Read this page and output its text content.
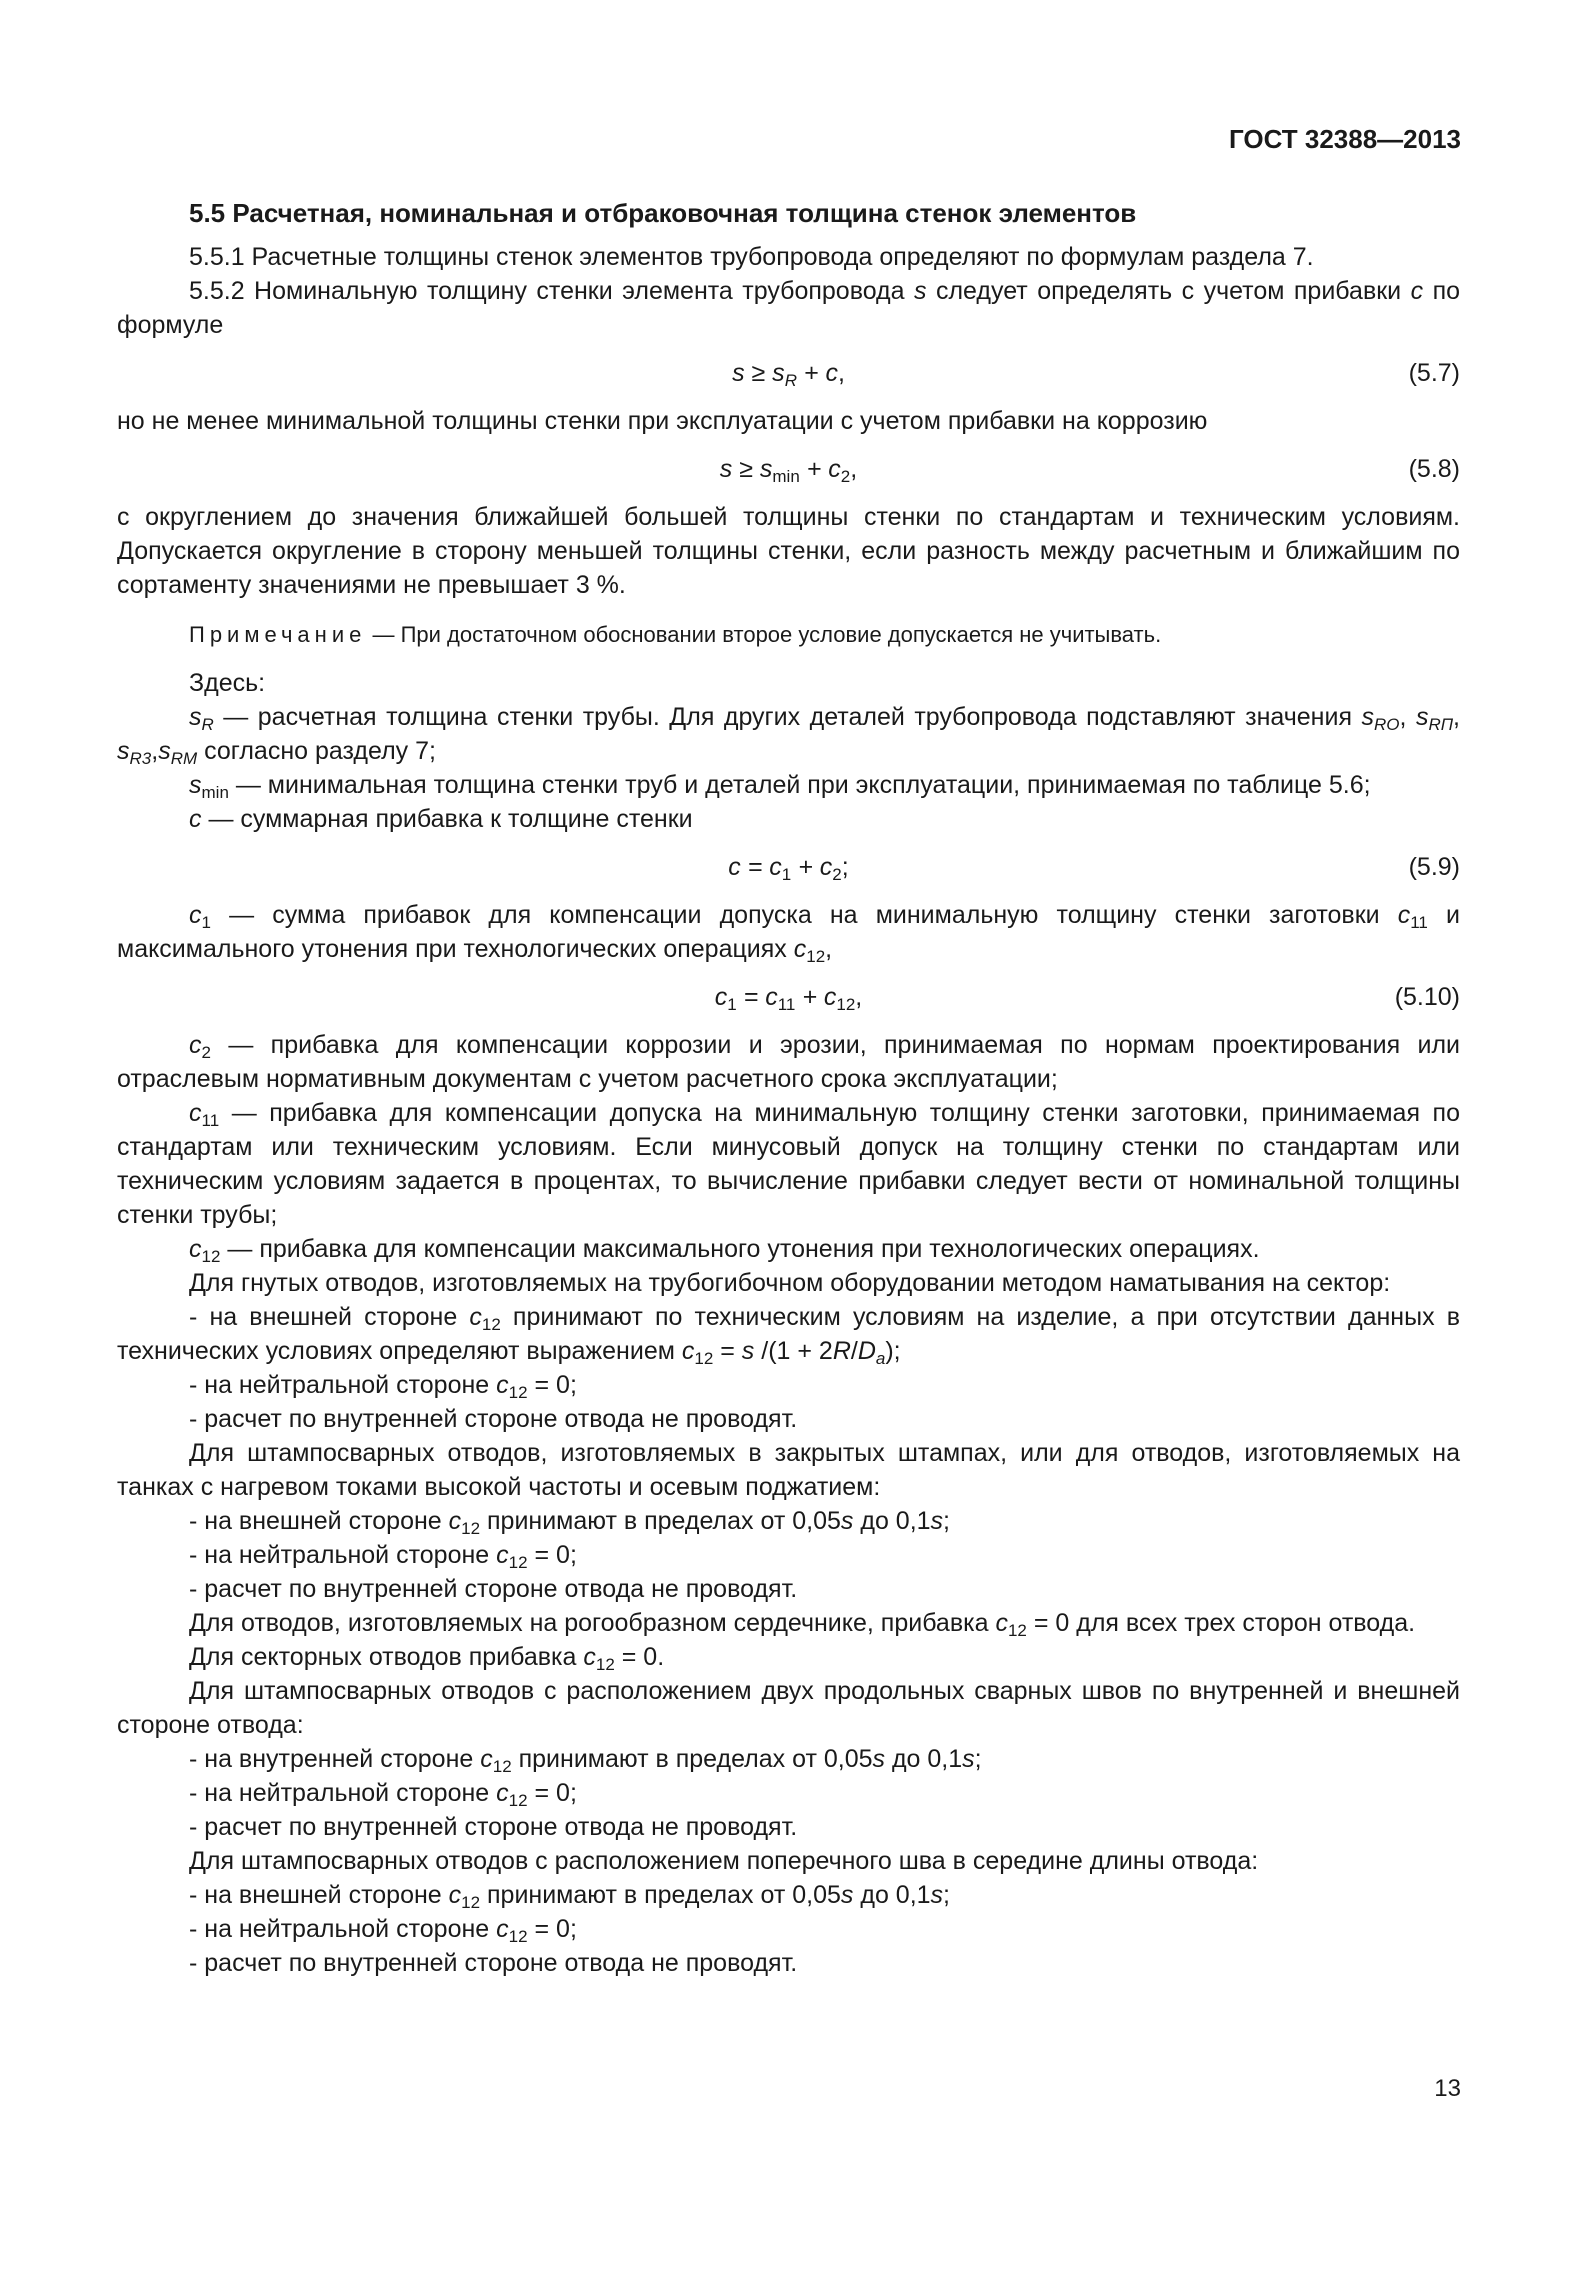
ГОСТ 32388—2013

5.5 Расчетная, номинальная и отбраковочная толщина стенок элементов

5.5.1 Расчетные толщины стенок элементов трубопровода определяют по формулам раздела 7.

5.5.2 Номинальную толщину стенки элемента трубопровода s следует определять с учетом прибавки c по формуле

$s \ge s_R + c$,	(5.7)

но не менее минимальной толщины стенки при эксплуатации с учетом прибавки на коррозию

$s \ge s_{min} + c_2$,	(5.8)

с округлением до значения ближайшей большей толщины стенки по стандартам и техническим условиям. Допускается округление в сторону меньшей толщины стенки, если разность между расчетным и ближайшим по сортаменту значениями не превышает 3 %.

Примечание — При достаточном обосновании второе условие допускается не учитывать.

Здесь:

$s_R$ — расчетная толщина стенки трубы. Для других деталей трубопровода подставляют значения $s_{RO}$, $s_{RП}$, $s_{R3},s_{RM}$ согласно разделу 7;

$s_{min}$ — минимальная толщина стенки труб и деталей при эксплуатации, принимаемая по таблице 5.6;

c — суммарная прибавка к толщине стенки

$c = c_1 + c_2$;	(5.9)

$c_1$ — сумма прибавок для компенсации допуска на минимальную толщину стенки заготовки $c_{11}$ и максимального утонения при технологических операциях $c_{12}$,

$c_1 = c_{11} + c_{12}$,	(5.10)

$c_2$ — прибавка для компенсации коррозии и эрозии, принимаемая по нормам проектирования или отраслевым нормативным документам с учетом расчетного срока эксплуатации;

$c_{11}$ — прибавка для компенсации допуска на минимальную толщину стенки заготовки, принимаемая по стандартам или техническим условиям. Если минусовый допуск на толщину стенки по стандартам или техническим условиям задается в процентах, то вычисление прибавки следует вести от номинальной толщины стенки трубы;

$c_{12}$ — прибавка для компенсации максимального утонения при технологических операциях.

Для гнутых отводов, изготовляемых на трубогибочном оборудовании методом наматывания на сектор:

- на внешней стороне $c_{12}$ принимают по техническим условиям на изделие, а при отсутствии данных в технических условиях определяют выражением $c_{12} = s$ $/(1 + 2R/D_a)$;

- на нейтральной стороне $c_{12} = 0$;

- расчет по внутренней стороне отвода не проводят.

Для штампосварных отводов, изготовляемых в закрытых штампах, или для отводов, изготовляемых на танках с нагревом токами высокой частоты и осевым поджатием:

- на внешней стороне $c_{12}$ принимают в пределах от 0,05s до 0,1s;

- на нейтральной стороне $c_{12} = 0$;

- расчет по внутренней стороне отвода не проводят.

Для отводов, изготовляемых на рогообразном сердечнике, прибавка $c_{12} = 0$ для всех трех сторон отвода.

Для секторных отводов прибавка $c_{12} = 0$.

Для штампосварных отводов с расположением двух продольных сварных швов по внутренней и внешней стороне отвода:

- на внутренней стороне $c_{12}$ принимают в пределах от 0,05s до 0,1s;

- на нейтральной стороне $c_{12} = 0$;

- расчет по внутренней стороне отвода не проводят.

Для штампосварных отводов с расположением поперечного шва в середине длины отвода:

- на внешней стороне $c_{12}$ принимают в пределах от 0,05s до 0,1s;

- на нейтральной стороне $c_{12} = 0$;

- расчет по внутренней стороне отвода не проводят.

13
